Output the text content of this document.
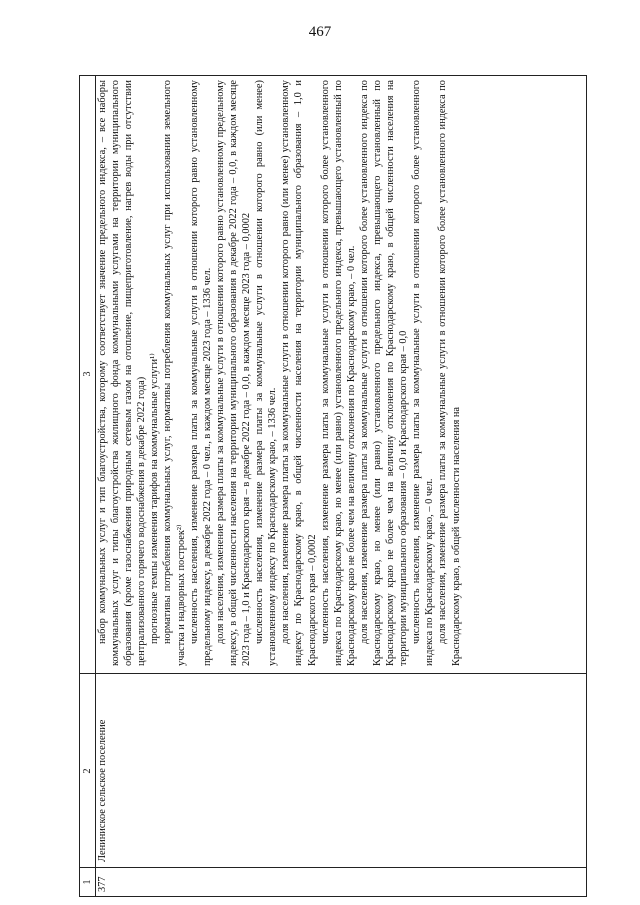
467
1
2
3
377
Лениниское сельское поселение

набор коммунальных услуг и тип благоустройства, которому соответствует значение предельного индекса, – все наборы коммунальных услуг и типы благоустройства жилищного фонда коммунальными услугами на территории муниципального образования (кроме газоснабжения природным сетевым газом на отопление, пищеприготовление, нагрев воды при отсутствии централизованного горячего водоснабжения в декабре 2022 года) прогнозные темпы изменения тарифов на коммунальные услуги¹⁾ нормативы потребления коммунальных услуг, нормативы потребления коммунальных услуг при использовании земельного участка и надворных построек²⁾ численность населения, изменение размера платы за коммунальные услуги в отношении которого равно установленному предельному индексу, в декабре 2022 года – 0 чел., в каждом месяце 2023 года – 1336 чел. доля населения, изменение размера платы за коммунальные услуги в отношении которого равно установленному предельному индексу, в общей численности населения на территории муниципального образования в декабре 2022 года – 0,0, в каждом месяце 2023 года – 1,0 и Краснодарского края – в декабре 2022 года – 0,0, в каждом месяце 2023 года – 0,0002 численность населения, изменение размера платы за коммунальные услуги в отношении которого равно (или менее) установленному индексу по Краснодарскому краю, – 1336 чел. доля населения, изменение размера платы за коммунальные услуги в отношении которого равно (или менее) установленному индексу по Краснодарскому краю, в общей численности населения на территории муниципального образования – 1,0 и Краснодарского края – 0,0002 численность населения, изменение размера платы за коммунальные услуги в отношении которого более установленного индекса по Краснодарскому краю, но менее (или равно) установленного предельного индекса, превышающего установленный по Краснодарскому краю не более чем на величину отклонения по Краснодарскому краю, – 0 чел. доля населения, изменение размера платы за коммунальные услуги в отношении которого более установленного индекса по Краснодарскому краю, но менее (или равно) установленного предельного индекса, превышающего установленный по Краснодарскому краю не более чем на величину отклонения по Краснодарскому краю, в общей численности населения на территории муниципального образования – 0,0 и Краснодарского края – 0,0 численность населения, изменение размера платы за коммунальные услуги в отношении которого более установленного индекса по Краснодарскому краю, – 0 чел. доля населения, изменение размера платы за коммунальные услуги в отношении которого более установленного индекса по Краснодарскому краю, в общей численности населения на
